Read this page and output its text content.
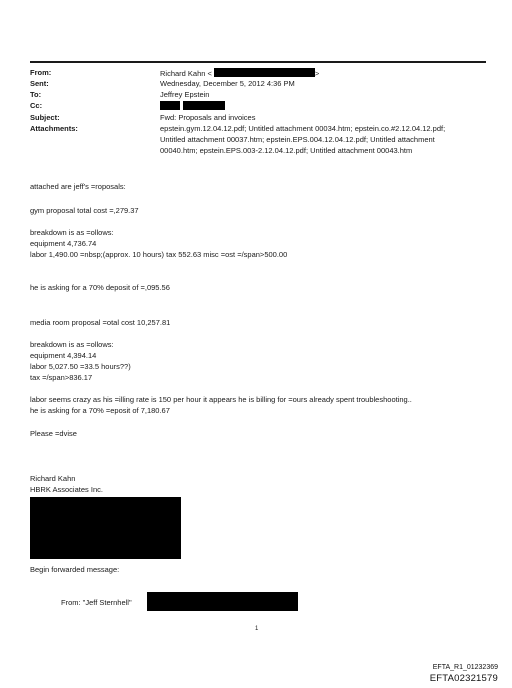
From:	Richard Kahn <	>
Sent:	Wednesday, December 5, 2012 4:36 PM
To:	Jeffrey Epstein
Cc:
Subject:	Fwd: Proposals and invoices
Attachments:	epstein.gym.12.04.12.pdf; Untitled attachment 00034.htm; epstein.co.#2.12.04.12.pdf;
Untitled attachment 00037.htm; epstein.EPS.004.12.04.12.pdf; Untitled attachment
00040.htm; epstein.EPS.003-2.12.04.12.pdf; Untitled attachment 00043.htm
attached are jeff's =roposals:
gym proposal total cost =,279.37
breakdown is as =ollows:
equipment 4,736.74
labor 1,490.00 =nbsp;(approx. 10 hours) tax 552.63 misc =ost =/span>500.00
he is asking for a 70% deposit of =,095.56
media room proposal =otal cost 10,257.81
breakdown is as =ollows:
equipment 4,394.14
labor 5,027.50 =33.5 hours??)
tax =/span>836.17
labor seems crazy as his =illing rate is 150 per hour it appears he is billing for =ours already spent troubleshooting..
he is asking for a 70% =eposit of 7,180.67
Please =dvise
Richard Kahn
HBRK Associates Inc.
Begin forwarded message:
From: "Jeff Sternhell"
1
EFTA_R1_01232369
EFTA02321579
